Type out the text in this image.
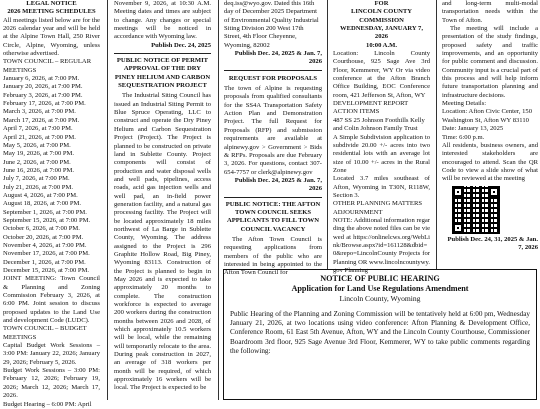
LEGAL NOTICE
2026 MEETING SCHEDULES

All meetings listed below are for the 2026 calendar year and will be held at the Alpine Town Hall, 250 River Circle, Alpine, Wyoming, unless otherwise advertised.

TOWN COUNCIL – REGULAR MEETINGS

January 6, 2026, at 7:00 PM.

January 20, 2026, at 7:00 PM.

February 3, 2026, at 7:00 PM.

February 17, 2026, at 7:00 PM.

March 3, 2026, at 7:00 PM.

March 17, 2026, at 7:00 PM.

April 7, 2026, at 7:00 PM.

April 21, 2026, at 7:00 PM.

May 5, 2026, at 7:00 PM.

May 19, 2026, at 7:00 PM.

June 2, 2026, at 7:00 PM.

June 16, 2026, at 7:00 PM.

July 7, 2026, at 7:00 PM.

July 21, 2026, at 7:00 PM.

August 4, 2026, at 7:00 PM.

August 18, 2026, at 7:00 PM.

September 1, 2026, at 7:00 PM.

September 15, 2026, at 7:00 PM.

October 6, 2026, at 7:00 PM.

October 20, 2026, at 7:00 PM.

November 4, 2026, at 7:00 PM.

November 17, 2026, at 7:00 PM.

December 1, 2026, at 7:00 PM.

December 15, 2026, at 7:00 PM.

JOINT MEETING: Town Council & Planning and Zoning Commission February 3, 2026, at 6:00 PM. Joint session to discuss proposed updates to the Land Use and development Code (LUDC).

TOWN COUNCIL – BUDGET MEETINGS

Capital Budget Work Sessions – 3:00 PM: January 22, 2026; January 29, 2026; February 5, 2026.

Budget Work Sessions – 3:00 PM: February 12, 2026; February 19, 2026; March 12, 2026; March 17, 2026.

Budget Hearing – 6:00 PM: April

November 9, 2026, at 10:30 A.M. Meeting dates and times are subject to change. Any changes or special meetings will be noticed in accordance with Wyoming law.

Publish Dec. 24, 2025

PUBLIC NOTICE OF PERMIT APPROVAL OF THE DRY PINEY HELIUM AND CARBON SEQUESTRATION PROJECT

The Industrial Siting Council has issued an Industrial Siting Permit to Blue Spruce Operating, LLC to construct and operate the Dry Piney Helium and Carbon Sequestration Project (Project). The Project is planned to be constructed on private land in Sublette County. Project components will consist of production and water disposal wells and well pads, pipelines, access roads, acid gas injection wells and well pad, an in-field power generation facility, and a natural gas processing facility. The Project will be located approximately 18 miles northwest of La Barge in Sublette County, Wyoming. The address assigned to the Project is 296 Graphite Hollow Road, Big Piney, Wyoming 83113. Construction of the Project is planned to begin in May 2026 and is expected to take approximately 20 months to complete. The construction workforce is expected to average 200 workers during the construction months between 2026 and 2028, of which approximately 10.5 workers will be local, while the remaining will temporarily relocate to the area. During peak construction in 2027, an average of 318 workers per month will be required, of which approximately 16 workers will be local. The Project is expected to be

deq.iss@wyo.gov. Dated this 16th day of December 2025 Department of Environmental Quality Industrial Siting Division 200 West 17th Street, 4th Floor Cheyenne, Wyoming, 82002

Publish Dec. 24, 2025 & Jan. 7, 2026

REQUEST FOR PROPOSALS

The town of Alpine is requesting proposals from qualified consultants for the SS4A Transportation Safety Action Plan and Demonstration Project. The full Request for Proposals (RFP) and submission requirements are available at alpinewy.gov > Government > Bids & RFPs. Proposals are due February 3, 2026. For questions, contact 307-654-7757 or clerk@alpinewy.gov

Publish Dec. 24, 2025 & Jan. 7, 2026

PUBLIC NOTICE: THE AFTON TOWN COUNCIL SEEKS APPLICANTS TO FILL TOWN COUNCIL VACANCY

The Afton Town Council is requesting applications from members of the public who are interested in being appointed to the Afton Town Council for

FOR
LINCOLN COUNTY COMMISSION
WEDNESDAY, JANUARY 7, 2026
10:00 A.M.

Location: Lincoln County Courthouse, 925 Sage Ave 3rd Floor, Kemmerer, WY Or via video conference at the Afton Branch Office Building, EOC Conference room, 421 Jefferson St, Afton, WY

DEVELOPMENT REPORT ACTION ITEMS

487 SS 25 Johnson Foothills Kelly and Colin Johnson Family Trust

A Simple Subdivision application to subdivide 20.00 +/- acres into two residential lots with an average lot size of 10.00 +/- acres in the Rural Zone

Located 3.7 miles southeast of Afton, Wyoming in T30N, R118W, Section 3.

OTHER PLANNING MATTERS ADJOURNMENT

NOTE: Additional information regarding the above noted files can be viewed at https://onlinelcws.org/WebLink/Browse.aspx?id=161128&dbid=0&repo=LincolnCounty Projects for Planning OR www.lincolncountywy.gov Planning

and long-term multi-modal transportation needs within the Town of Afton.

The meeting will include a presentation of the study findings, proposed safety and traffic improvements, and an opportunity for public comment and discussion. Community input is a crucial part of this process and will help inform future transportation planning and infrastructure decisions.

Meeting Details:

Location: Afton Civic Center, 150 Washington St, Afton WY 83110

Date: January 13, 2025

Time: 6:00 p.m.

All residents, business owners, and interested stakeholders are encouraged to attend. Scan the QR Code to view a slide show of what will be reviewed at the meeting

Publish Dec. 24, 31, 2025 & Jan. 7, 2026

NOTICE OF PUBLIC HEARING
Application for Land Use Regulations Amendment
Lincoln County, Wyoming

Public Hearing of the Planning and Zoning Commission will be tentatively held at 6:00 pm, Wednesday January 21, 2026, at two locations using video conference: Afton Planning & Development Office, Conference Room, 61 East 5th Avenue, Afton, WY and the Lincoln County Courthouse, Commissioner Boardroom 3rd floor, 925 Sage Avenue 3rd Floor, Kemmerer, WY to take public comments regarding the following:
